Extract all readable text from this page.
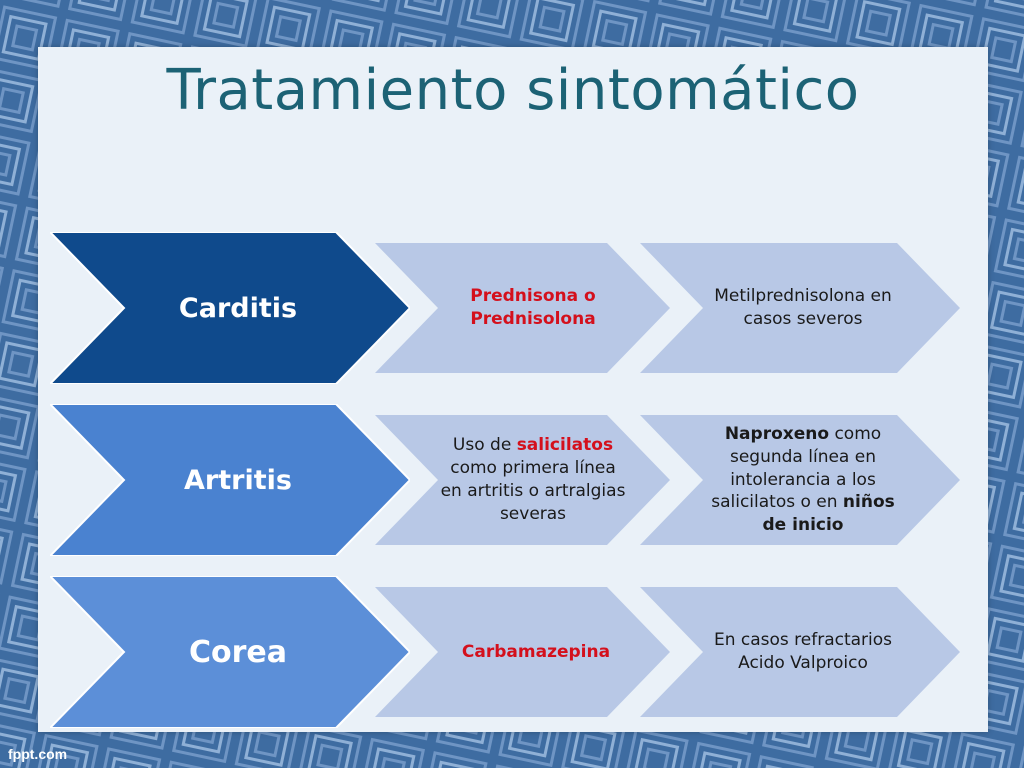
Tratamiento sintomático
Carditis	Prednisona o Prednisolona
Metilprednisolona en casos severos
Artritis
Uso de salicilatos como primera línea en artritis o artralgias severas
Naproxeno como segunda línea en intolerancia a los salicilatos o en niños de inicio
Corea	Carbamazepina
En casos refractarios Acido Valproico
fppt.com
